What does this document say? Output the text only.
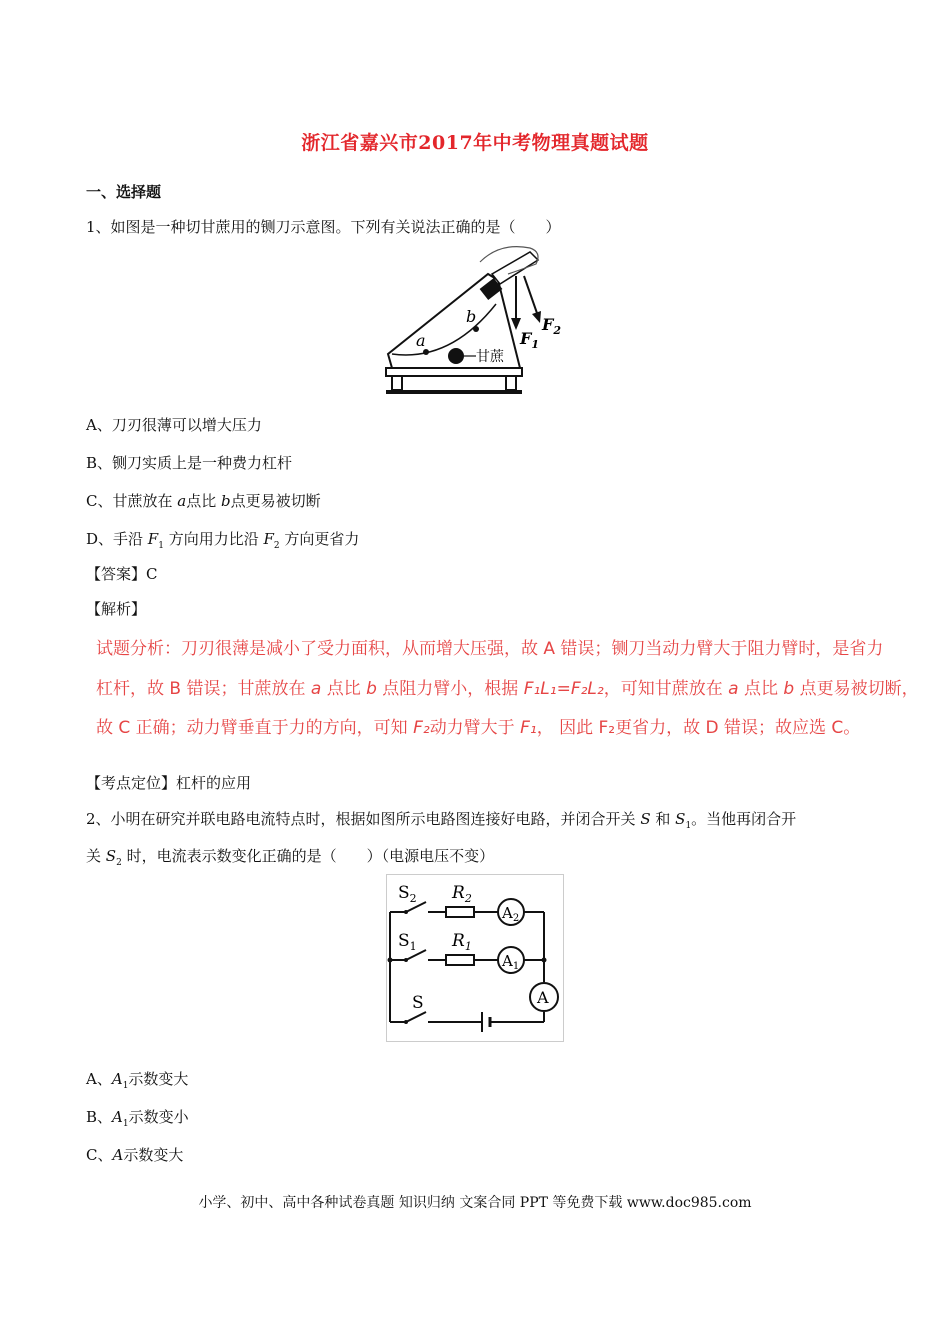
浙江省嘉兴市2017年中考物理真题试题
一、选择题
1、如图是一种切甘蔗用的铡刀示意图。下列有关说法正确的是（　　）
a
b
甘蔗
$F_1$
$F_2$
A、刀刃很薄可以增大压力
B、铡刀实质上是一种费力杠杆
C、甘蔗放在 a点比 b点更易被切断
D、手沿 $F_1$ 方向用力比沿 $F_2$ 方向更省力
【答案】C
【解析】
试题分析：刀刃很薄是减小了受力面积，从而增大压强，故 A 错误；铡刀当动力臂大于阻力臂时，是省力
杠杆，故 B 错误；甘蔗放在 a 点比 b 点阻力臂小，根据 F₁L₁=F₂L₂，可知甘蔗放在 a 点比 b 点更易被切断，
故 C 正确；动力臂垂直于力的方向，可知 F₂动力臂大于 F₁， 因此 F₂更省力，故 D 错误；故应选 C。
【考点定位】杠杆的应用
2、小明在研究并联电路电流特点时，根据如图所示电路图连接好电路，并闭合开关 S 和 $S_1$。当他再闭合开
关 $S_2$ 时，电流表示数变化正确的是（　　）（电源电压不变）
$S_2$ $R_2$
$A_2$
$S_1$ $R_1$
$A_1$
A
S
A、$A_1$示数变大
B、$A_1$示数变小
C、A示数变大
小学、初中、高中各种试卷真题 知识归纳 文案合同 PPT 等免费下载 www.doc985.com
